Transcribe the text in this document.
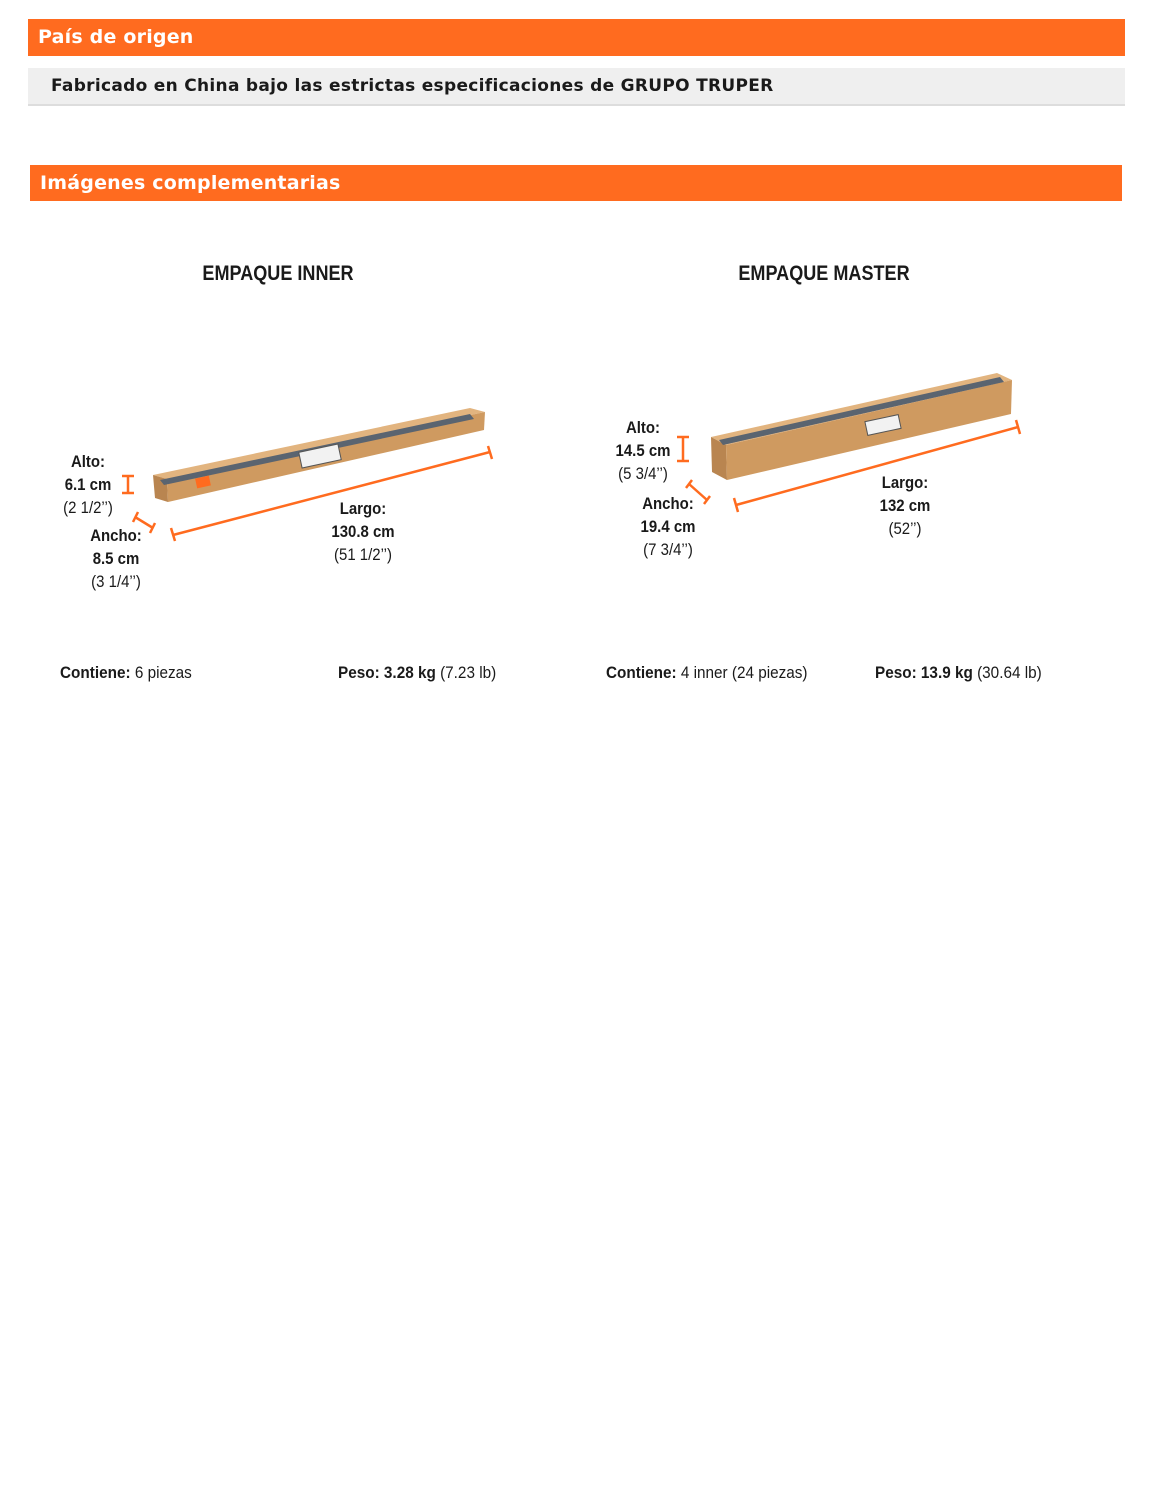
País de origen
Fabricado en China bajo las estrictas especificaciones de GRUPO TRUPER
Imágenes complementarias
EMPAQUE INNER	EMPAQUE MASTER
Alto:
6.1 cm
(2 1/2’’)
Ancho:
8.5 cm
(3 1/4’’)
Largo:
130.8 cm
(51 1/2’’)
Alto:
14.5 cm
(5 3/4’’)
Ancho:
19.4 cm
(7 3/4’’)
Largo:
132 cm
(52’’)
Contiene: 6 piezas	Peso: 3.28 kg (7.23 lb)	Contiene: 4 inner (24 piezas)	Peso: 13.9 kg (30.64 lb)
